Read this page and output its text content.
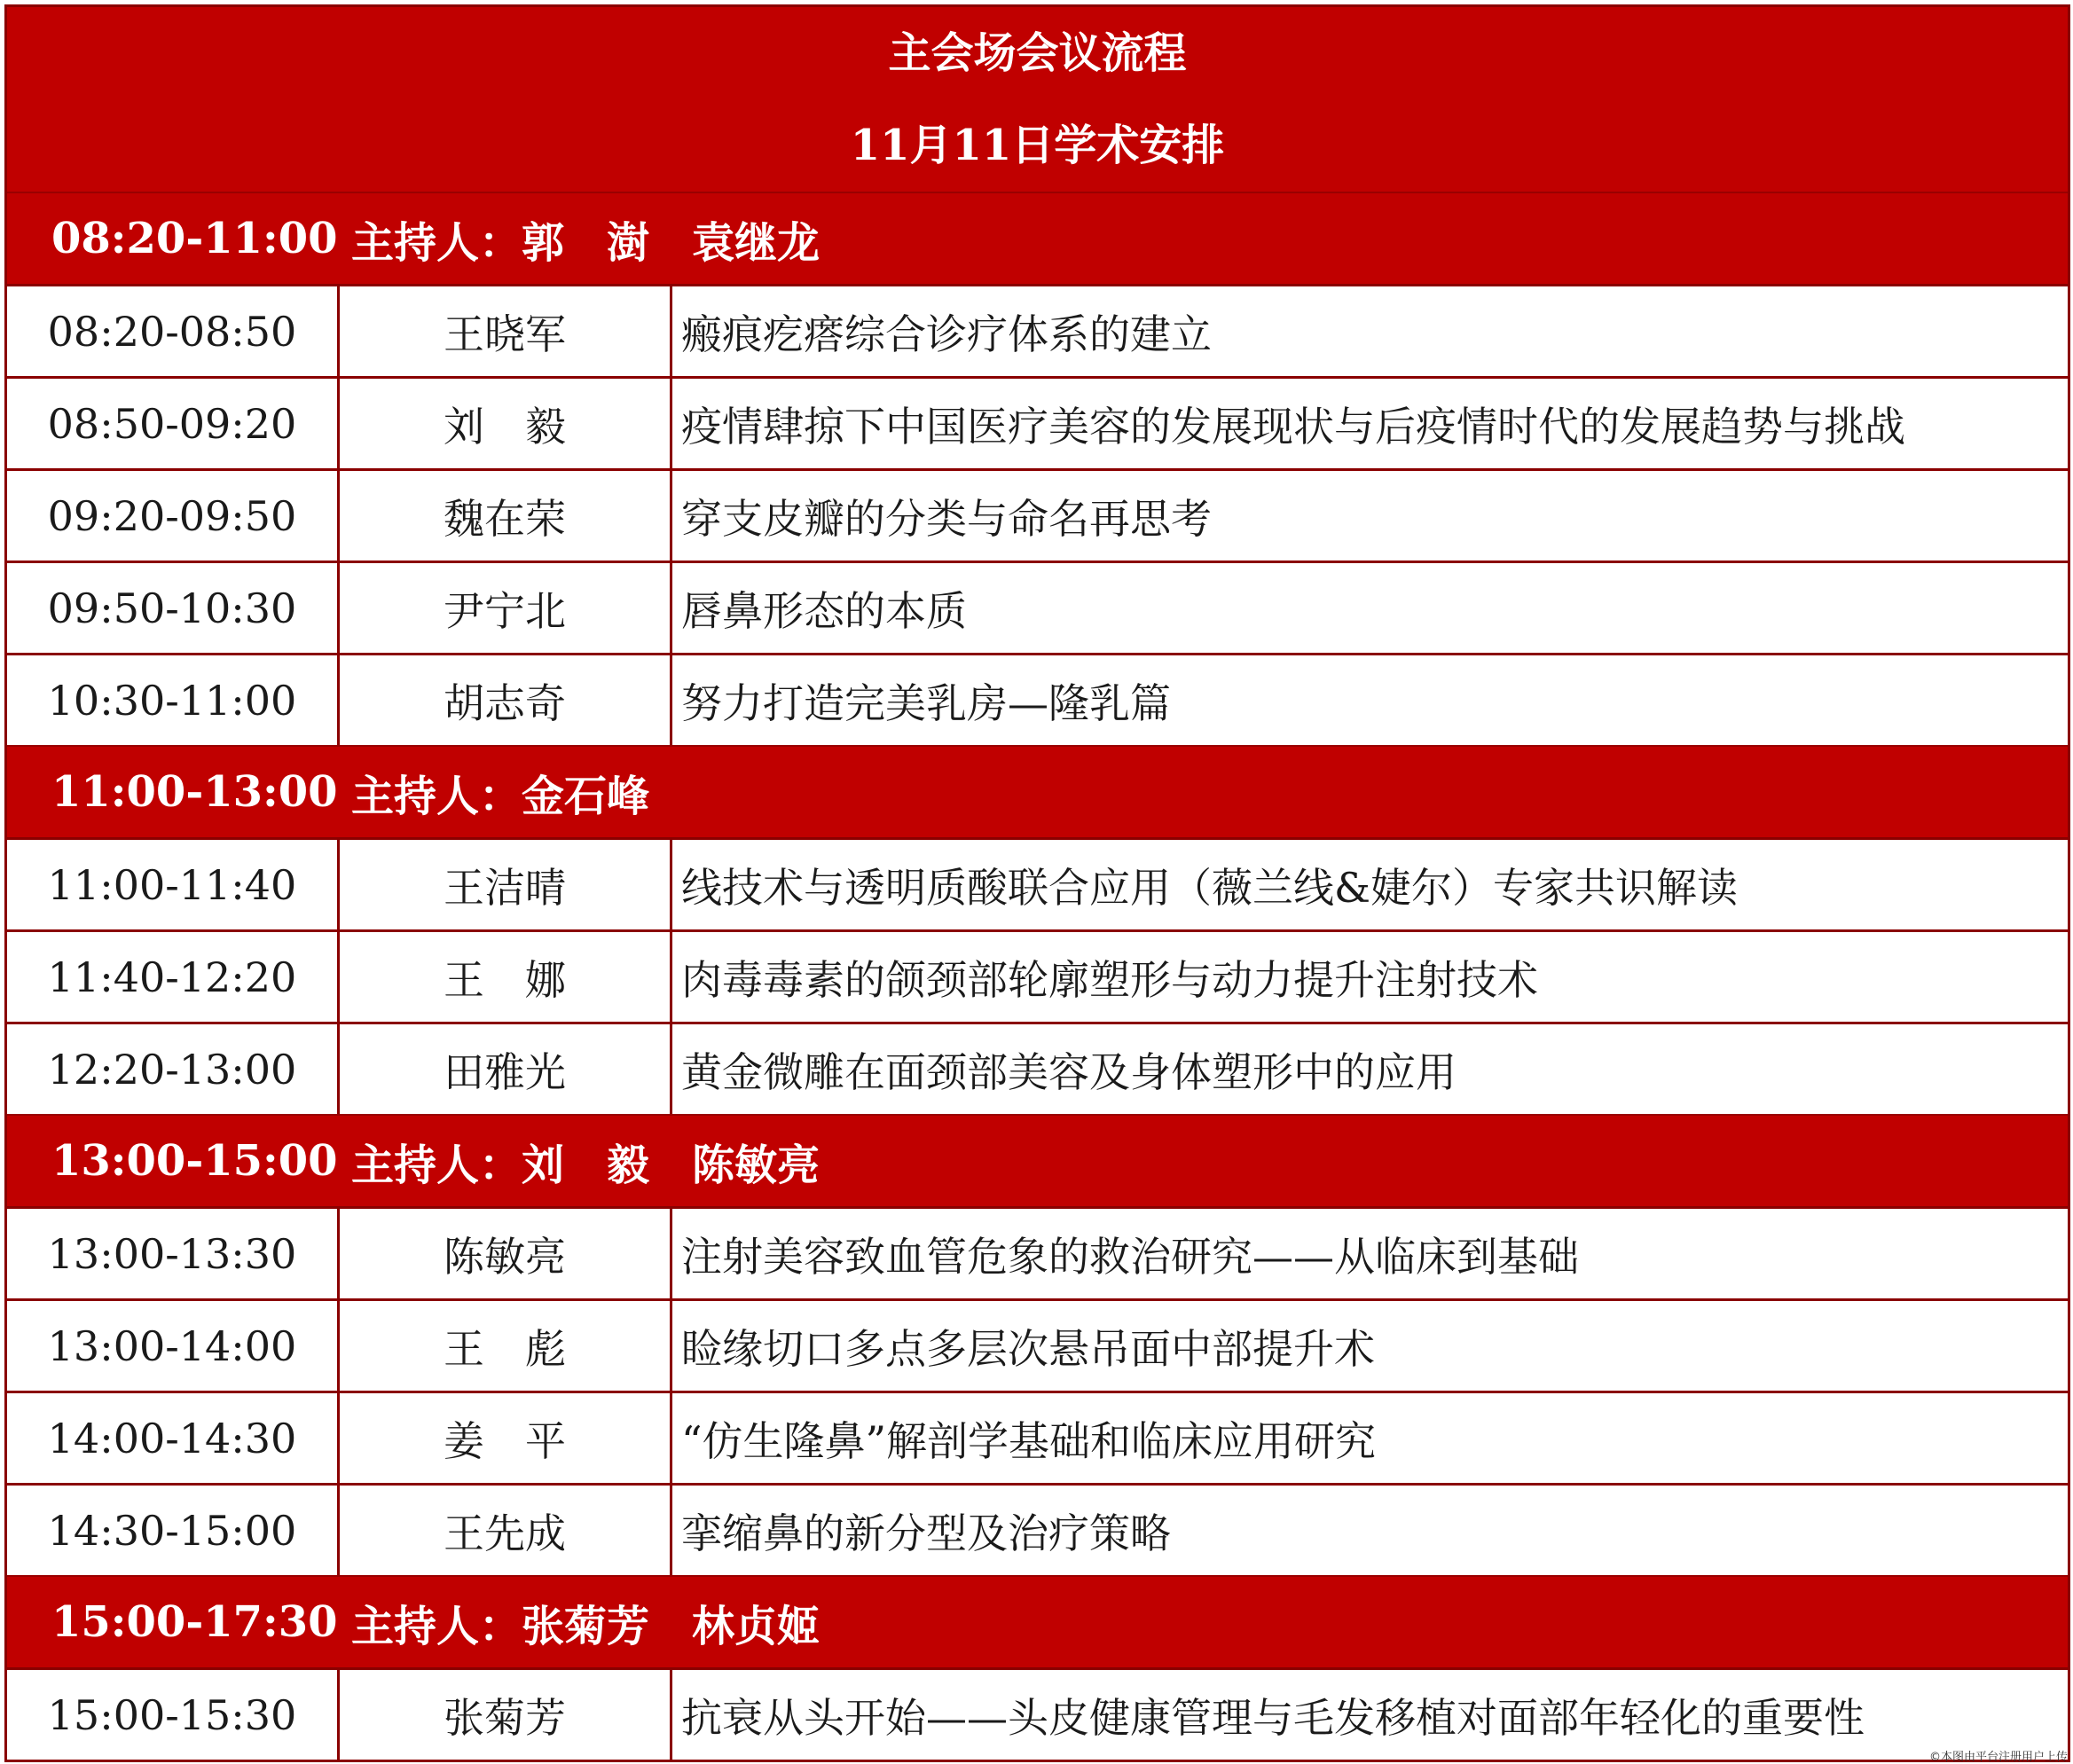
主会场会议流程
11月11日学术安排
08:20-11:00 主持人：郭　澍　袁继龙
08:20-08:50	王晓军	瘢痕疙瘩综合诊疗体系的建立
08:50-09:20	刘　毅	疫情肆掠下中国医疗美容的发展现状与后疫情时代的发展趋势与挑战
09:20-09:50	魏在荣	穿支皮瓣的分类与命名再思考
09:50-10:30	尹宁北	唇鼻形态的本质
10:30-11:00	胡志奇	努力打造完美乳房—隆乳篇
11:00-13:00 主持人：金石峰
11:00-11:40	王洁晴	线技术与透明质酸联合应用（薇兰线&婕尔）专家共识解读
11:40-12:20	王　娜	肉毒毒素的颌颈部轮廓塑形与动力提升注射技术
12:20-13:00	田雅光	黄金微雕在面颈部美容及身体塑形中的应用
13:00-15:00 主持人：刘　毅　陈敏亮
13:00-13:30	陈敏亮	注射美容致血管危象的救治研究——从临床到基础
13:00-14:00	王　彪	睑缘切口多点多层次悬吊面中部提升术
14:00-14:30	姜　平	“仿生隆鼻”解剖学基础和临床应用研究
14:30-15:00	王先成	挛缩鼻的新分型及治疗策略
15:00-17:30 主持人：张菊芳　林贞姬
15:00-15:30	张菊芳	抗衰从头开始——头皮健康管理与毛发移植对面部年轻化的重要性
©本图由平台注册用户上传
